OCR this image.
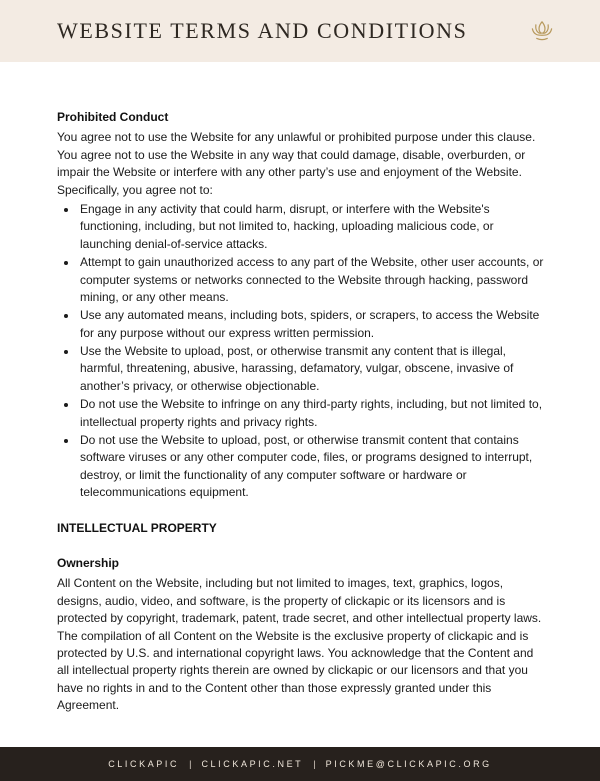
WEBSITE TERMS AND CONDITIONS
Prohibited Conduct

You agree not to use the Website for any unlawful or prohibited purpose under this clause. You agree not to use the Website in any way that could damage, disable, overburden, or impair the Website or interfere with any other party’s use and enjoyment of the Website. Specifically, you agree not to:

• Engage in any activity that could harm, disrupt, or interfere with the Website's functioning, including, but not limited to, hacking, uploading malicious code, or launching denial-of-service attacks.
• Attempt to gain unauthorized access to any part of the Website, other user accounts, or computer systems or networks connected to the Website through hacking, password mining, or any other means.
• Use any automated means, including bots, spiders, or scrapers, to access the Website for any purpose without our express written permission.
• Use the Website to upload, post, or otherwise transmit any content that is illegal, harmful, threatening, abusive, harassing, defamatory, vulgar, obscene, invasive of another’s privacy, or otherwise objectionable.
• Do not use the Website to infringe on any third-party rights, including, but not limited to, intellectual property rights and privacy rights.
• Do not use the Website to upload, post, or otherwise transmit content that contains software viruses or any other computer code, files, or programs designed to interrupt, destroy, or limit the functionality of any computer software or hardware or telecommunications equipment.
INTELLECTUAL PROPERTY
Ownership

All Content on the Website, including but not limited to images, text, graphics, logos, designs, audio, video, and software, is the property of clickapic or its licensors and is protected by copyright, trademark, patent, trade secret, and other intellectual property laws. The compilation of all Content on the Website is the exclusive property of clickapic and is protected by U.S. and international copyright laws. You acknowledge that the Content and all intellectual property rights therein are owned by clickapic or our licensors and that you have no rights in and to the Content other than those expressly granted under this Agreement.

CLICKAPIC | CLICKAPIC.NET | PICKME@CLICKAPIC.ORG
